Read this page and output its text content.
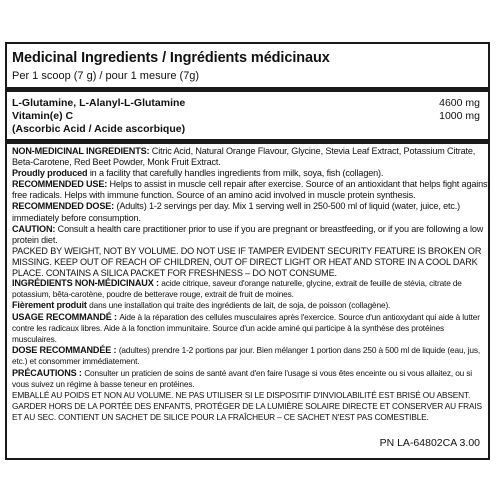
Medicinal Ingredients / Ingrédients médicinaux
Per 1 scoop (7 g) / pour 1 mesure (7g)
L-Glutamine, L-Alanyl-L-Glutamine	4600 mg
Vitamin(e) C	1000 mg
(Ascorbic Acid / Acide ascorbique)

NON-MEDICINAL INGREDIENTS: Citric Acid, Natural Orange Flavour, Glycine, Stevia Leaf Extract, Potassium Citrate, Beta-Carotene, Red Beet Powder, Monk Fruit Extract.

Proudly produced in a facility that carefully handles ingredients from milk, soya, fish (collagen).

RECOMMENDED USE: Helps to assist in muscle cell repair after exercise. Source of an antioxidant that helps fight against free radicals. Helps with immune function. Source of an amino acid involved in muscle protein synthesis.

RECOMMENDED DOSE: (Adults) 1-2 servings per day. Mix 1 serving well in 250-500 ml of liquid (water, juice, etc.) immediately before consumption.

CAUTION: Consult a health care practitioner prior to use if you are pregnant or breastfeeding, or if you are following a low protein diet.

PACKED BY WEIGHT, NOT BY VOLUME. DO NOT USE IF TAMPER EVIDENT SECURITY FEATURE IS BROKEN OR MISSING. KEEP OUT OF REACH OF CHILDREN, OUT OF DIRECT LIGHT OR HEAT AND STORE IN A COOL DARK PLACE. CONTAINS A SILICA PACKET FOR FRESHNESS – DO NOT CONSUME.

INGRÉDIENTS NON-MÉDICINAUX : acide citrique, saveur d'orange naturelle, glycine, extrait de feuille de stévia, citrate de potassium, bêta-carotène, poudre de betterave rouge, extrait de fruit de moines.

Fièrement produit dans une installation qui traite des ingrédients de lait, de soja, de poisson (collagène).

USAGE RECOMMANDÉ : Aide à la réparation des cellules musculaires après l'exercice. Source d'un antioxydant qui aide à lutter contre les radicaux libres. Aide à la fonction immunitaire. Source d'un acide aminé qui participe à la synthèse des protéines musculaires.

DOSE RECOMMANDÉE : (adultes) prendre 1-2 portions par jour. Bien mélanger 1 portion dans 250 à 500 ml de liquide (eau, jus, etc.) et consommer immédiatement.

PRÉCAUTIONS : Consulter un praticien de soins de santé avant d'en faire l'usage si vous êtes enceinte ou si vous allaitez, ou si vous suivez un régime à basse teneur en protéines.

EMBALLÉ AU POIDS ET NON AU VOLUME. NE PAS UTILISER SI LE DISPOSITIF D'INVIOLABILITÉ EST BRISÉ OU ABSENT. GARDER HORS DE LA PORTÉE DES ENFANTS, PROTÉGER DE LA LUMIÈRE SOLAIRE DIRECTE ET CONSERVER AU FRAIS ET AU SEC. CONTIENT UN SACHET DE SILICE POUR LA FRAÎCHEUR – CE SACHET N'EST PAS COMESTIBLE.

PN LA-64802CA 3.00
